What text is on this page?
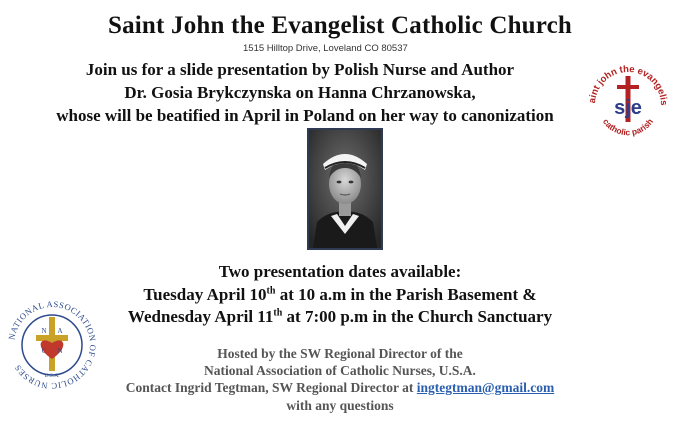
Saint John the Evangelist Catholic Church
1515 Hilltop Drive, Loveland CO 80537
Join us for a slide presentation by Polish Nurse and Author
Dr. Gosia Brykczynska on Hanna Chrzanowska,
whose will be beatified in April in Poland on her way to canonization
Two presentation dates available:
Tuesday April 10th at 10 a.m in the Parish Basement &
Wednesday April 11th at 7:00 p.m in the Church Sanctuary
Hosted by the SW Regional Director of the
National Association of Catholic Nurses, U.S.A.
Contact Ingrid Tegtman, SW Regional Director at ingtegtman@gmail.com
with any questions
aint john the evangelis
catholic parish
sje
NATIONAL ASSOCIATION OF CATHOLIC NURSES
N A
C N
U.S.A.
